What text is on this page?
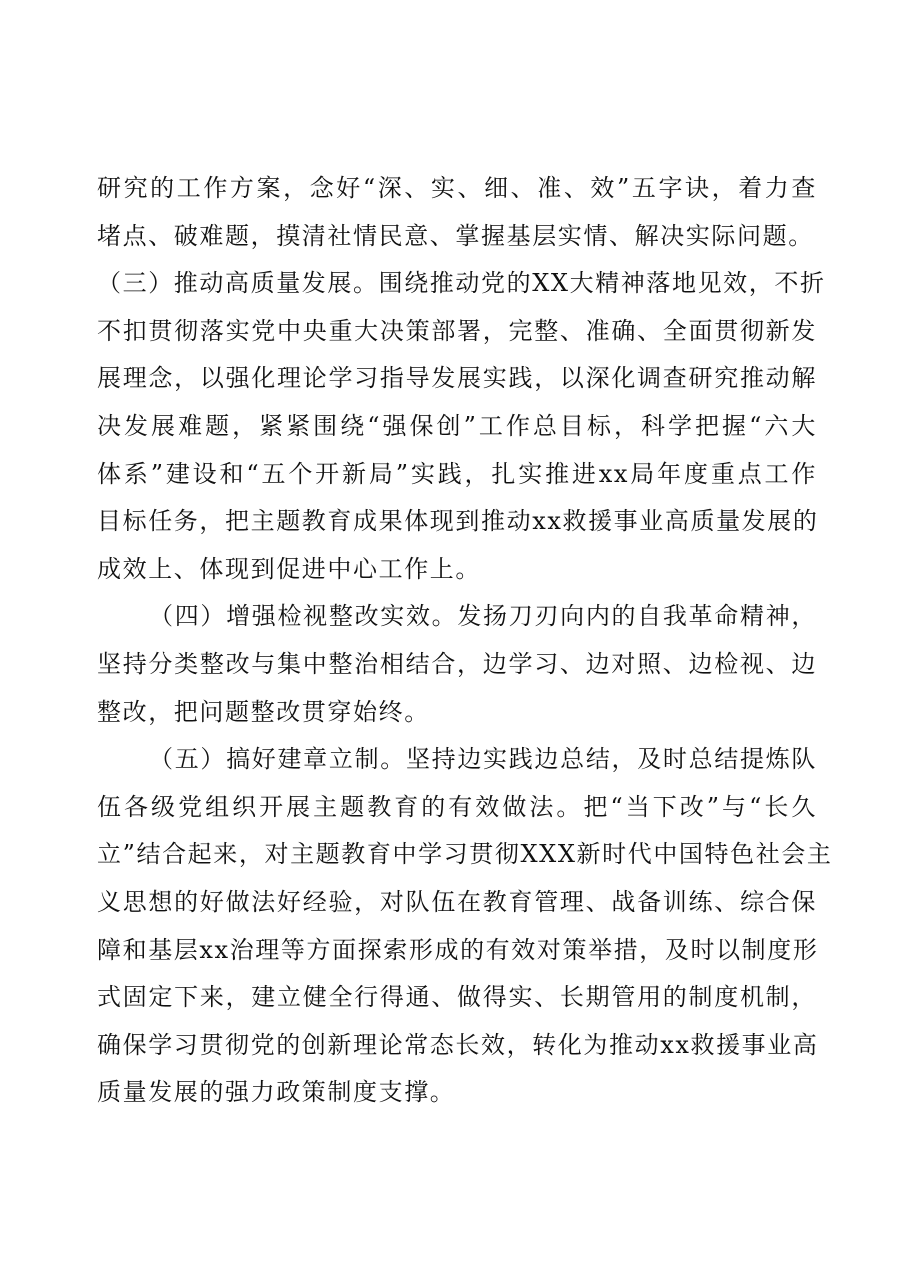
研究的工作方案，念好“深、实、细、准、效”五字诀，着力查
堵点、破难题，摸清社情民意、掌握基层实情、解决实际问题。
（三）推动高质量发展。围绕推动党的XX大精神落地见效，不折
不扣贯彻落实党中央重大决策部署，完整、准确、全面贯彻新发
展理念，以强化理论学习指导发展实践，以深化调查研究推动解
决发展难题，紧紧围绕“强保创”工作总目标，科学把握“六大
体系”建设和“五个开新局”实践，扎实推进xx局年度重点工作
目标任务，把主题教育成果体现到推动xx救援事业高质量发展的
成效上、体现到促进中心工作上。
（四）增强检视整改实效。发扬刀刃向内的自我革命精神，
坚持分类整改与集中整治相结合，边学习、边对照、边检视、边
整改，把问题整改贯穿始终。
（五）搞好建章立制。坚持边实践边总结，及时总结提炼队
伍各级党组织开展主题教育的有效做法。把“当下改”与“长久
立”结合起来，对主题教育中学习贯彻XXX新时代中国特色社会主
义思想的好做法好经验，对队伍在教育管理、战备训练、综合保
障和基层xx治理等方面探索形成的有效对策举措，及时以制度形
式固定下来，建立健全行得通、做得实、长期管用的制度机制，
确保学习贯彻党的创新理论常态长效，转化为推动xx救援事业高
质量发展的强力政策制度支撑。
